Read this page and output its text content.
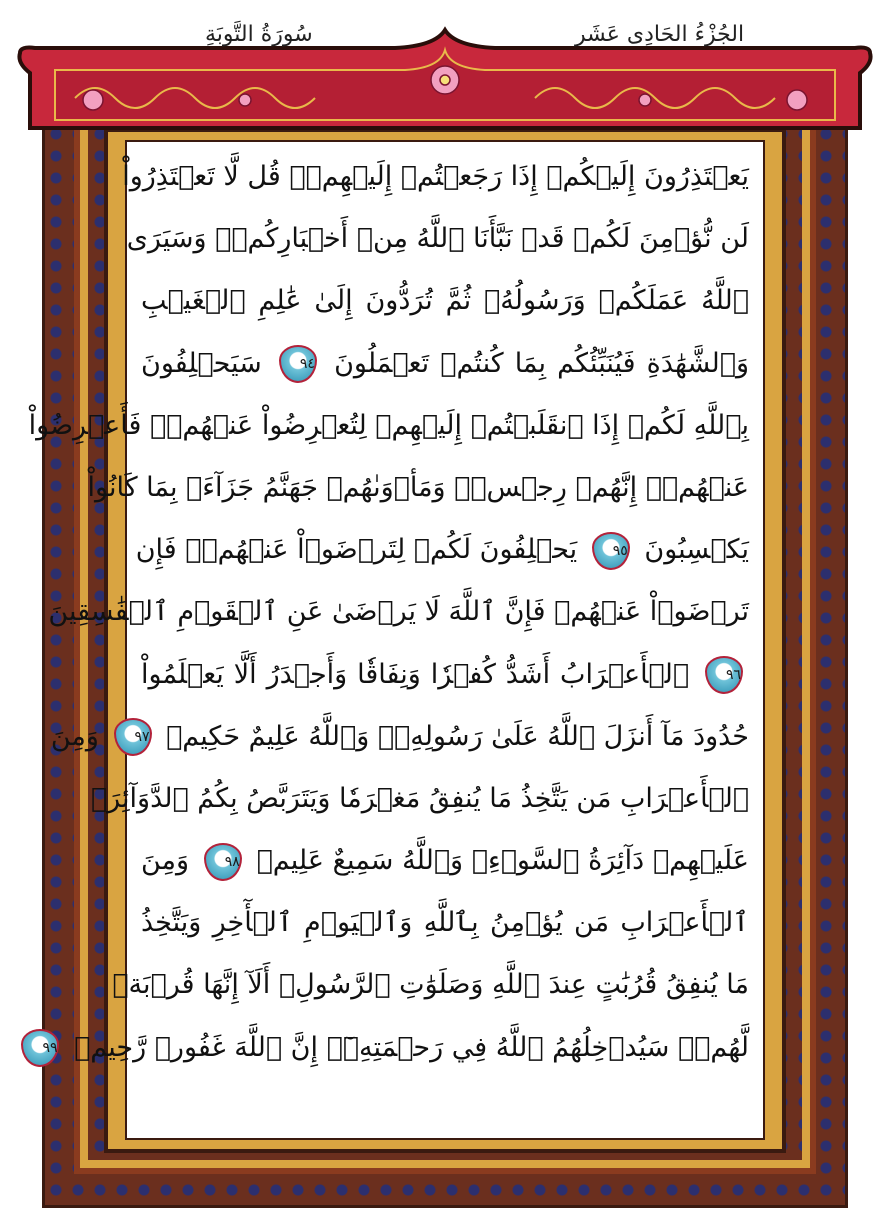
الجُزْءُ الحَادِى عَشَر
سُورَةُ التَّوبَةِ
يَعۡتَذِرُونَ إِلَيۡكُمۡ إِذَا رَجَعۡتُمۡ إِلَيۡهِمۡۚ قُل لَّا تَعۡتَذِرُواْ
لَن نُّؤۡمِنَ لَكُمۡ قَدۡ نَبَّأَنَا ٱللَّهُ مِنۡ أَخۡبَارِكُمۡۚ وَسَيَرَى
ٱللَّهُ عَمَلَكُمۡ وَرَسُولُهُۥ ثُمَّ تُرَدُّونَ إِلَىٰ عَٰلِمِ ٱلۡغَيۡبِ
وَٱلشَّهَٰدَةِ فَيُنَبِّئُكُم بِمَا كُنتُمۡ تَعۡمَلُونَ ٩٤ سَيَحۡلِفُونَ
بِٱللَّهِ لَكُمۡ إِذَا ٱنقَلَبۡتُمۡ إِلَيۡهِمۡ لِتُعۡرِضُواْ عَنۡهُمۡۖ فَأَعۡرِضُواْ
عَنۡهُمۡۖ إِنَّهُمۡ رِجۡسٞۖ وَمَأۡوَىٰهُمۡ جَهَنَّمُ جَزَآءَۢ بِمَا كَانُواْ
يَكۡسِبُونَ ٩٥ يَحۡلِفُونَ لَكُمۡ لِتَرۡضَوۡاْ عَنۡهُمۡۖ فَإِن
تَرۡضَوۡاْ عَنۡهُمۡ فَإِنَّ ٱللَّهَ لَا يَرۡضَىٰ عَنِ ٱلۡقَوۡمِ ٱلۡفَٰسِقِينَ
٩٦ ٱلۡأَعۡرَابُ أَشَدُّ كُفۡرٗا وَنِفَاقٗا وَأَجۡدَرُ أَلَّا يَعۡلَمُواْ
حُدُودَ مَآ أَنزَلَ ٱللَّهُ عَلَىٰ رَسُولِهِۦۗ وَٱللَّهُ عَلِيمٌ حَكِيمٞ ٩٧ وَمِنَ
ٱلۡأَعۡرَابِ مَن يَتَّخِذُ مَا يُنفِقُ مَغۡرَمٗا وَيَتَرَبَّصُ بِكُمُ ٱلدَّوَآئِرَۚ
عَلَيۡهِمۡ دَآئِرَةُ ٱلسَّوۡءِۗ وَٱللَّهُ سَمِيعٌ عَلِيمٞ ٩٨ وَمِنَ
ٱلۡأَعۡرَابِ مَن يُؤۡمِنُ بِٱللَّهِ وَٱلۡيَوۡمِ ٱلۡأٓخِرِ وَيَتَّخِذُ
مَا يُنفِقُ قُرُبَٰتٍ عِندَ ٱللَّهِ وَصَلَوَٰتِ ٱلرَّسُولِۚ أَلَآ إِنَّهَا قُرۡبَةٞ
لَّهُمۡۚ سَيُدۡخِلُهُمُ ٱللَّهُ فِي رَحۡمَتِهِۦٓۚ إِنَّ ٱللَّهَ غَفُورٞ رَّحِيمٞ ٩٩
